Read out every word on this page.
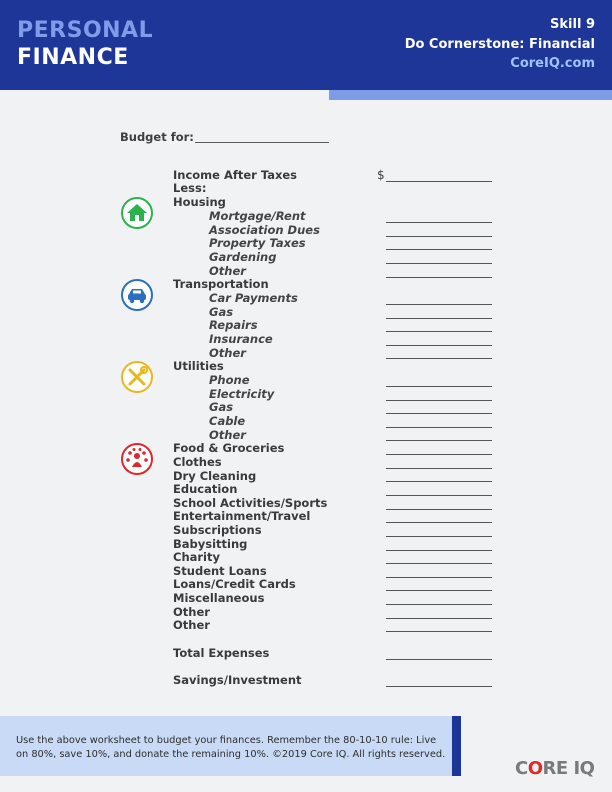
PERSONAL
FINANCE
Skill 9
Do Cornerstone: Financial
CoreIQ.com
Budget for:
Income After Taxes	$
Less:
Housing
Mortgage/Rent
Association Dues
Property Taxes
Gardening
Other
Transportation
Car Payments
Gas
Repairs
Insurance
Other
Utilities
Phone
Electricity
Gas
Cable
Other
Food & Groceries
Clothes
Dry Cleaning
Education
School Activities/Sports
Entertainment/Travel
Subscriptions
Babysitting
Charity
Student Loans
Loans/Credit Cards
Miscellaneous
Other
Other
Total Expenses
Savings/Investment
Use the above worksheet to budget your finances. Remember the 80-10-10 rule: Live on 80%, save 10%, and donate the remaining 10%. ©2019 Core IQ. All rights reserved.
CORE IQ
